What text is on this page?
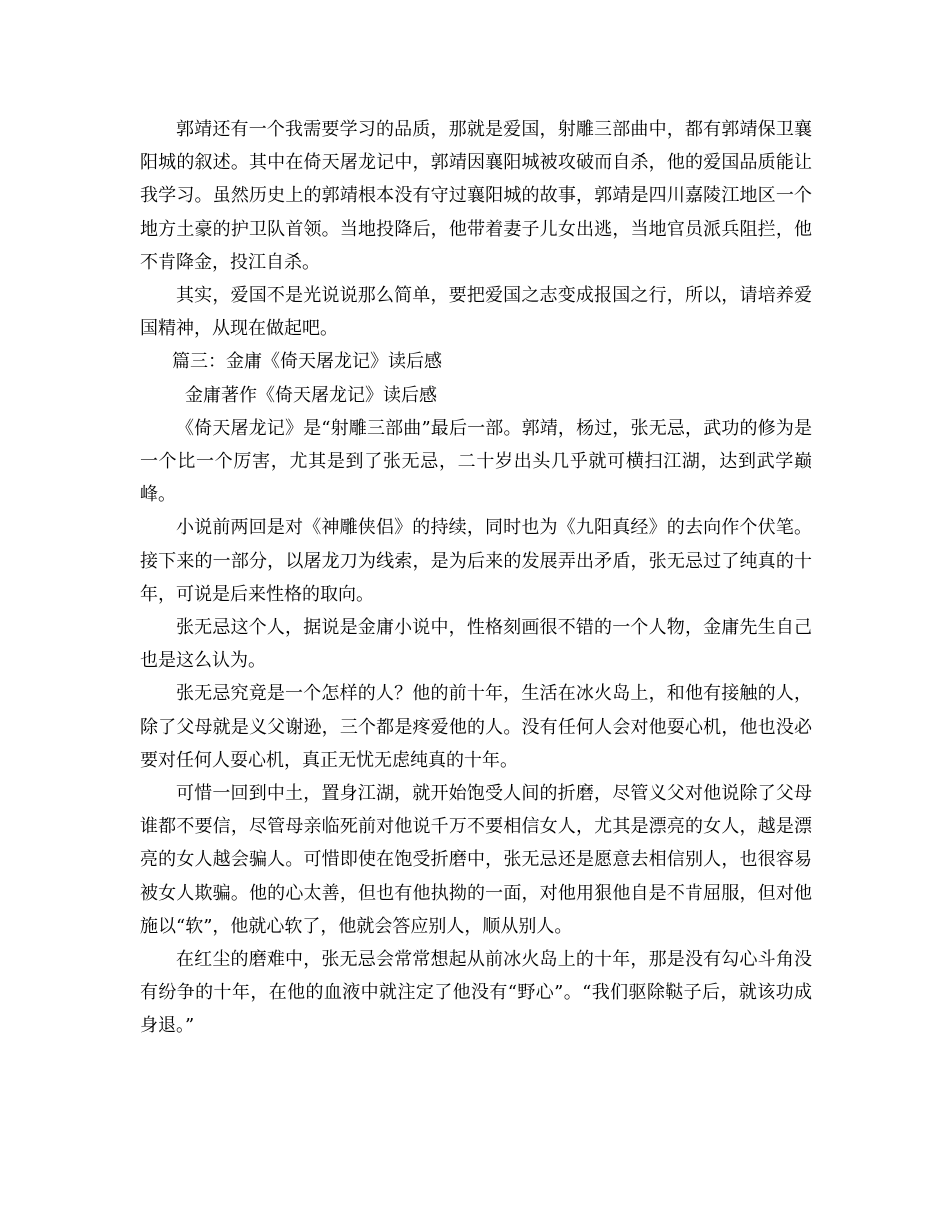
郭靖还有一个我需要学习的品质，那就是爱国，射雕三部曲中，都有郭靖保卫襄阳城的叙述。其中在倚天屠龙记中，郭靖因襄阳城被攻破而自杀，他的爱国品质能让我学习。虽然历史上的郭靖根本没有守过襄阳城的故事，郭靖是四川嘉陵江地区一个地方土豪的护卫队首领。当地投降后，他带着妻子儿女出逃，当地官员派兵阻拦，他不肯降金，投江自杀。

其实，爱国不是光说说那么简单，要把爱国之志变成报国之行，所以，请培养爱国精神，从现在做起吧。

篇三：金庸《倚天屠龙记》读后感

金庸著作《倚天屠龙记》读后感

《倚天屠龙记》是“射雕三部曲”最后一部。郭靖，杨过，张无忌，武功的修为是一个比一个厉害，尤其是到了张无忌，二十岁出头几乎就可横扫江湖，达到武学巅峰。

小说前两回是对《神雕侠侣》的持续，同时也为《九阳真经》的去向作个伏笔。接下来的一部分，以屠龙刀为线索，是为后来的发展弄出矛盾，张无忌过了纯真的十年，可说是后来性格的取向。

张无忌这个人，据说是金庸小说中，性格刻画很不错的一个人物，金庸先生自己也是这么认为。

张无忌究竟是一个怎样的人？他的前十年，生活在冰火岛上，和他有接触的人，除了父母就是义父谢逊，三个都是疼爱他的人。没有任何人会对他耍心机，他也没必要对任何人耍心机，真正无忧无虑纯真的十年。

可惜一回到中土，置身江湖，就开始饱受人间的折磨，尽管义父对他说除了父母谁都不要信，尽管母亲临死前对他说千万不要相信女人，尤其是漂亮的女人，越是漂亮的女人越会骗人。可惜即使在饱受折磨中，张无忌还是愿意去相信别人，也很容易被女人欺骗。他的心太善，但也有他执拗的一面，对他用狠他自是不肯屈服，但对他施以“软”，他就心软了，他就会答应别人，顺从别人。

在红尘的磨难中，张无忌会常常想起从前冰火岛上的十年，那是没有勾心斗角没有纷争的十年，在他的血液中就注定了他没有“野心”。“我们驱除鞑子后，就该功成身退。”
